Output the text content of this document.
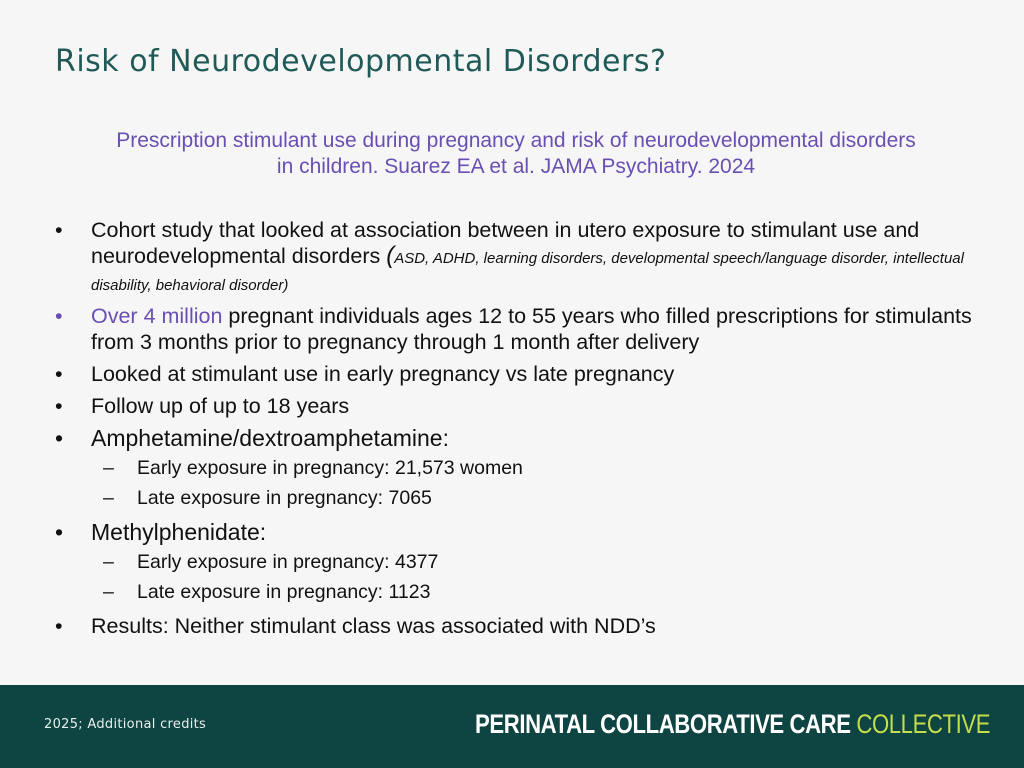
Risk of Neurodevelopmental Disorders?
Prescription stimulant use during pregnancy and risk of neurodevelopmental disorders
in children. Suarez EA et al. JAMA Psychiatry. 2024
• Cohort study that looked at association between in utero exposure to stimulant use and neurodevelopmental disorders (ASD, ADHD, learning disorders, developmental speech/language disorder, intellectual disability, behavioral disorder)
• Over 4 million pregnant individuals ages 12 to 55 years who filled prescriptions for stimulants from 3 months prior to pregnancy through 1 month after delivery
• Looked at stimulant use in early pregnancy vs late pregnancy
• Follow up of up to 18 years
• Amphetamine/dextroamphetamine:
– Early exposure in pregnancy: 21,573 women
– Late exposure in pregnancy: 7065
• Methylphenidate:
– Early exposure in pregnancy: 4377
– Late exposure in pregnancy: 1123
• Results: Neither stimulant class was associated with NDD’s
2025; Additional credits	PERINATAL COLLABORATIVE CARE COLLECTIVE
